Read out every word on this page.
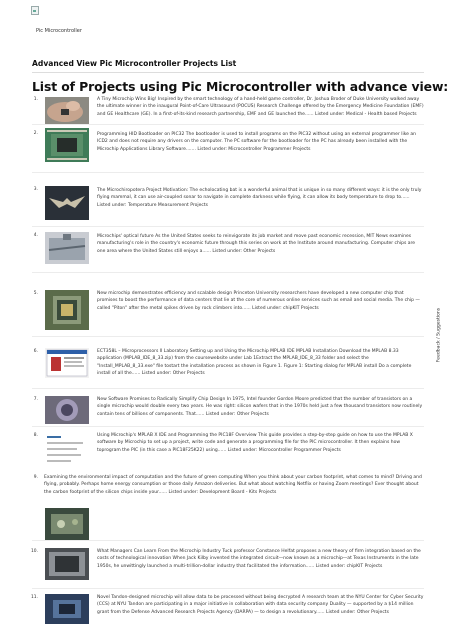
Pic Microcontroller
Advanced View Pic Microcontroller Projects List
List of Projects using Pic Microcontroller with advance view:
Feedback / Suggestions
1.	A Tiny Microchip Wins Big! Inspired by the smart technology of a hand-held game controller, Dr. Joshua Broder of Duke University walked away the ultimate winner in the inaugural Point-of-Care Ultrasound (POCUS) Research Challenge offered by the Emergency Medicine Foundation (EMF) and GE Healthcare (GE). In a first-of-its-kind research partnership, EMF and GE launched the...... Listed under: Medical - Health based Projects
2.	Programming HID Bootloader on PIC32 The bootloader is used to install programs on the PIC32 without using an external programmer like an ICD2 and does not require any drivers on the computer. The PC software for the bootloader for the PC has already been installed with the Microchip Applications Library Software....... Listed under: Microcontroller Programmer Projects
3.	The Microchiropotera Project Motivation: The echolocating bat is a wonderful animal that is unique in so many different ways: it is the only truly flying mammal, it can use air-coupled sonar to navigate in complete darkness while flying, it can allow its body temperature to drop to...... Listed under: Temperature Measurement Projects
4.	Microchips' optical future As the United States seeks to reinvigorate its job market and move past economic recession, MIT News examines manufacturing's role in the country's economic future through this series on work at the Institute around manufacturing. Computer chips are one area where the United States still enjoys a...... Listed under: Other Projects
5.	New microchip demonstrates efficiency and scalable design Princeton University researchers have developed a new computer chip that promises to boost the performance of data centers that lie at the core of numerous online services such as email and social media. The chip — called "Piton" after the metal spikes driven by rock climbers into...... Listed under: chipKIT Projects
6.	ECT358L – Microprocessors II Laboratory Setting up and Using the Microchip MPLAB IDE MPLAB Installation Download the MPLAB 8.33 application (MPLAB_IDE_8_33.zip) from the coursewebsite under Lab 1Extract the MPLAB_IDE_8_33 folder and select the "Install_MPLAB_8_33.exe" file tostart the installation process as shown in Figure 1. Figure 1: Starting dialog for MPLAB install Do a complete install of all the...... Listed under: Other Projects
7.	New Software Promises to Radically Simplify Chip Design In 1975, Intel founder Gordon Moore predicted that the number of transistors on a single microchip would double every two years. He was right: silicon wafers that in the 1970s held just a few thousand transistors now routinely contain tens of billions of components. That...... Listed under: Other Projects
8.	Using Microchip's MPLAB X IDE and Programming the PIC18F Overview This guide provides a step-by-step guide on how to use the MPLAB X software by Microchip to set up a project, write code and generate a programming file for the PIC microcontroller. It then explains how toprogram the PIC (in this case a PIC18F25K22) using...... Listed under: Microcontroller Programmer Projects
9. Examining the environmental impact of computation and the future of green computing When you think about your carbon footprint, what comes to mind? Driving and flying, probably. Perhaps home energy consumption or those daily Amazon deliveries. But what about watching Netflix or having Zoom meetings? Ever thought about the carbon footprint of the silicon chips inside your...... Listed under: Development Board - Kits Projects
10.	What Managers Can Learn From the Microchip Industry Tuck professor Constance Helfat proposes a new theory of firm integration based on the costs of technological innovation When Jack Kilby invented the integrated circuit—now known as a microchip—at Texas Instruments in the late 1950s, he unwittingly launched a multi-trillion-dollar industry that facilitated the information...... Listed under: chipKIT Projects
11.	Novel Tandon-designed microchip will allow data to be processed without being decrypted A research team at the NYU Center for Cyber Security (CCS) at NYU Tandon are participating in a major initiative in collaboration with data security company Duality — supported by a $14 million grant from the Defense Advanced Research Projects Agency (DARPA) — to design a revolutionary...... Listed under: Other Projects
